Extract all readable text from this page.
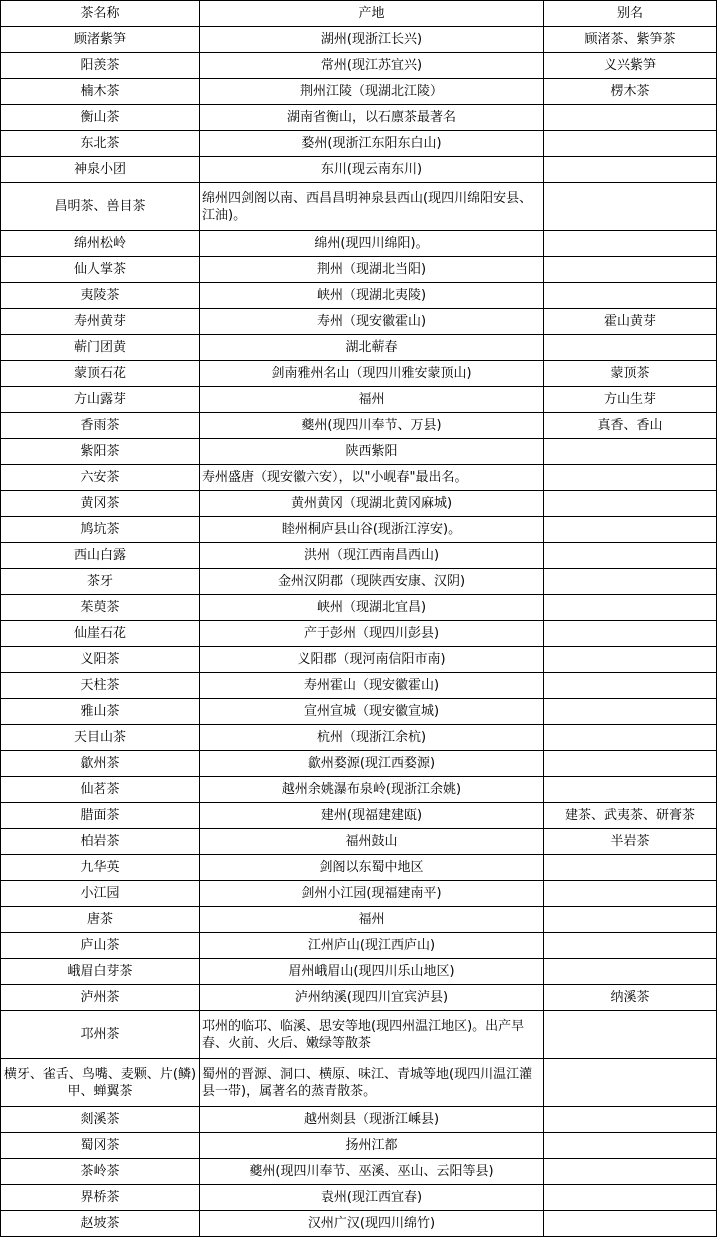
茶名称	产地	别名
顾渚紫笋	湖州(现浙江长兴)	顾渚茶、紫笋茶
阳羡茶	常州(现江苏宜兴)	义兴紫笋
楠木茶	荆州江陵（现湖北江陵）	楞木茶
衡山茶	湖南省衡山，以石廪茶最著名	
东北茶	婺州(现浙江东阳东白山)	
神泉小团	东川(现云南东川)	
昌明茶、兽目茶	绵州四剑阁以南、西昌昌明神泉县西山(现四川绵阳安县、江油)。	
绵州松岭	绵州(现四川绵阳)。	
仙人掌茶	荆州（现湖北当阳)	
夷陵茶	峡州（现湖北夷陵)	
寿州黄芽	寿州（现安徽霍山)	霍山黄芽
蕲门团黄	湖北蕲春	
蒙顶石花	剑南雅州名山（现四川雅安蒙顶山)	蒙顶茶
方山露芽	福州	方山生芽
香雨茶	夔州(现四川奉节、万县)	真香、香山
紫阳茶	陕西紫阳	
六安茶	寿州盛唐（现安徽六安），以"小岘春"最出名。	
黄冈茶	黄州黄冈（现湖北黄冈麻城)	
鸠坑茶	睦州桐庐县山谷(现浙江淳安)。	
西山白露	洪州（现江西南昌西山)	
茶牙	金州汉阴郡（现陕西安康、汉阴)	
茱萸茶	峡州（现湖北宜昌)	
仙崖石花	产于彭州（现四川彭县)	
义阳茶	义阳郡（现河南信阳市南)	
天柱茶	寿州霍山（现安徽霍山)	
雅山茶	宣州宣城（现安徽宣城)	
天目山茶	杭州（现浙江余杭)	
歙州茶	歙州婺源(现江西婺源)	
仙茗茶	越州余姚瀑布泉岭(现浙江余姚)	
腊面茶	建州(现福建建瓯)	建茶、武夷茶、研膏茶
柏岩茶	福州鼓山	半岩茶
九华英	剑阁以东蜀中地区	
小江园	剑州小江园(现福建南平)	
唐茶	福州	
庐山茶	江州庐山(现江西庐山)	
峨眉白芽茶	眉州峨眉山(现四川乐山地区)	
泸州茶	泸州纳溪(现四川宜宾泸县)	纳溪茶
邛州茶	邛州的临邛、临溪、思安等地(现四州温江地区)。出产早春、火前、火后、嫩绿等散茶	
横牙、雀舌、鸟嘴、麦颗、片(鳞)甲、蝉翼茶	蜀州的晋源、洞口、横原、味江、青城等地(现四川温江灌县一带)，属著名的蒸青散茶。	
剡溪茶	越州剡县（现浙江嵊县)	
蜀冈茶	扬州江都	
茶岭茶	夔州(现四川奉节、巫溪、巫山、云阳等县)	
界桥茶	袁州(现江西宜春)	
赵坡茶	汉州广汉(现四川绵竹)	
